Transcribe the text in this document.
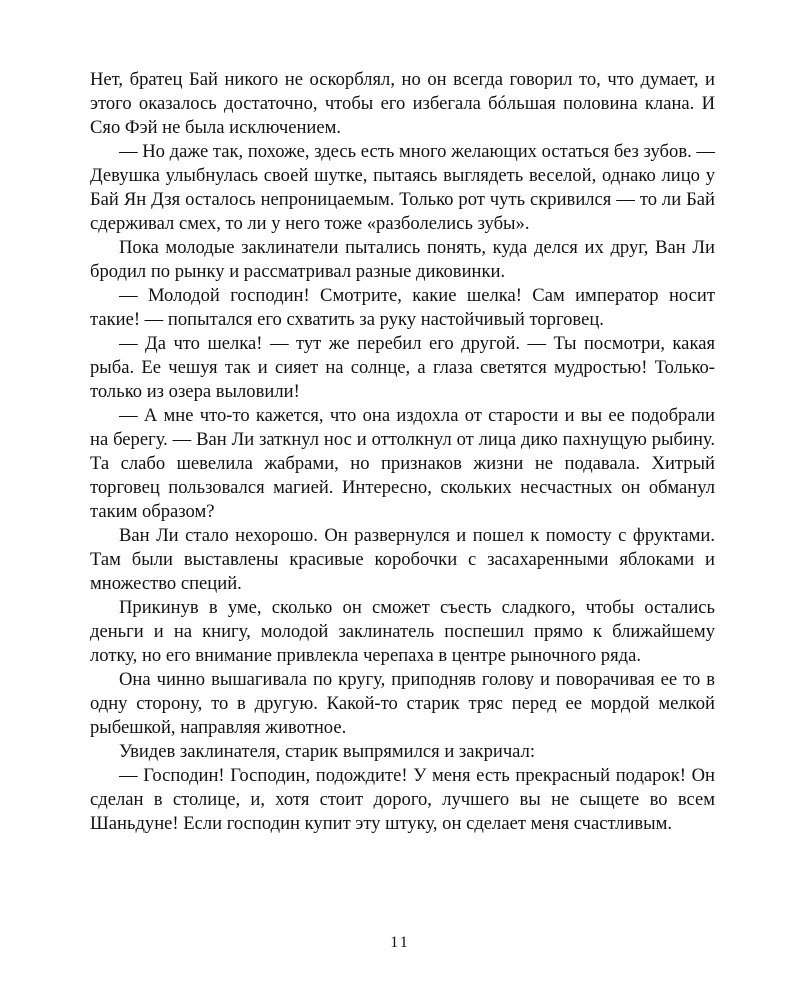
Нет, братец Бай никого не оскорблял, но он всегда говорил то, что думает, и этого оказалось достаточно, чтобы его избегала бóльшая половина клана. И Сяо Фэй не была исключением.

— Но даже так, похоже, здесь есть много желающих остаться без зубов. — Девушка улыбнулась своей шутке, пытаясь выглядеть веселой, однако лицо у Бай Ян Дзя осталось непроницаемым. Только рот чуть скривился — то ли Бай сдерживал смех, то ли у него тоже «разболелись зубы».

Пока молодые заклинатели пытались понять, куда делся их друг, Ван Ли бродил по рынку и рассматривал разные диковинки.

— Молодой господин! Смотрите, какие шелка! Сам император носит такие! — попытался его схватить за руку настойчивый торговец.

— Да что шелка! — тут же перебил его другой. — Ты посмотри, какая рыба. Ее чешуя так и сияет на солнце, а глаза светятся мудростью! Только-только из озера выловили!

— А мне что-то кажется, что она издохла от старости и вы ее подобрали на берегу. — Ван Ли заткнул нос и оттолкнул от лица дико пахнущую рыбину. Та слабо шевелила жабрами, но признаков жизни не подавала. Хитрый торговец пользовался магией. Интересно, скольких несчастных он обманул таким образом?

Ван Ли стало нехорошо. Он развернулся и пошел к помосту с фруктами. Там были выставлены красивые коробочки с засахаренными яблоками и множество специй.

Прикинув в уме, сколько он сможет съесть сладкого, чтобы остались деньги и на книгу, молодой заклинатель поспешил прямо к ближайшему лотку, но его внимание привлекла черепаха в центре рыночного ряда.

Она чинно вышагивала по кругу, приподняв голову и поворачивая ее то в одну сторону, то в другую. Какой-то старик тряс перед ее мордой мелкой рыбешкой, направляя животное.

Увидев заклинателя, старик выпрямился и закричал:

— Господин! Господин, подождите! У меня есть прекрасный подарок! Он сделан в столице, и, хотя стоит дорого, лучшего вы не сыщете во всем Шаньдуне! Если господин купит эту штуку, он сделает меня счастливым.

11
